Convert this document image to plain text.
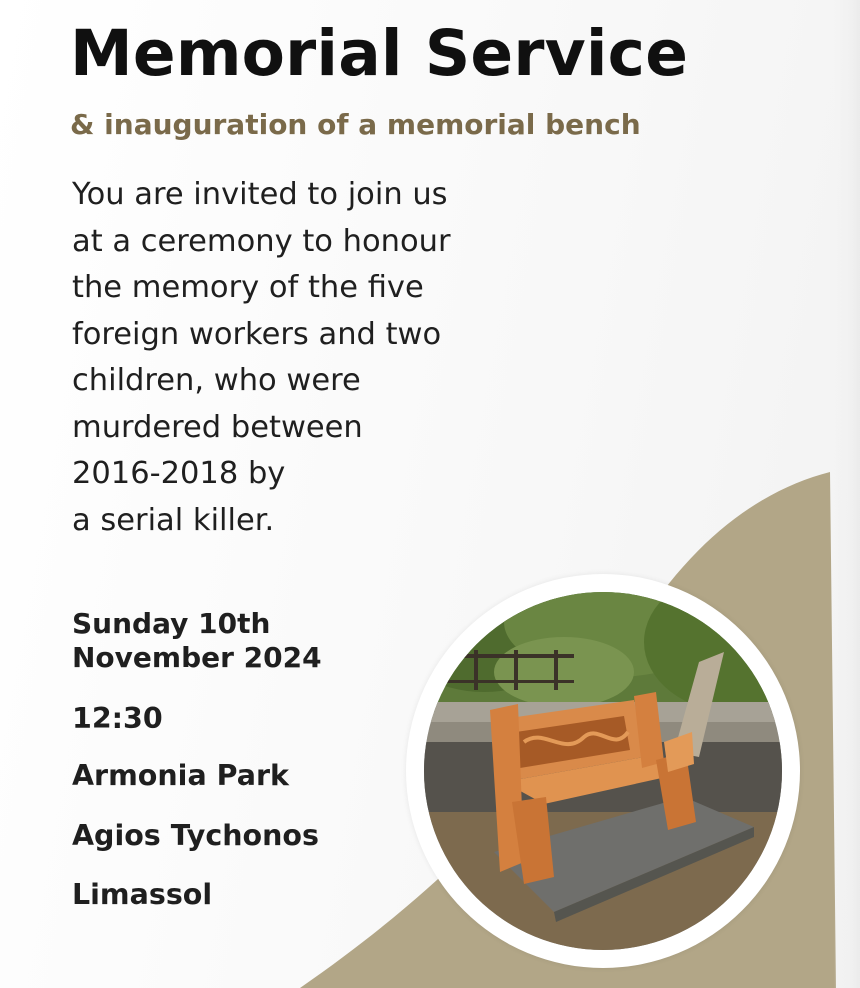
Memorial Service
& inauguration of a memorial bench

You are invited to join us
at a ceremony to honour
the memory of the five
foreign workers and two
children, who were
murdered between
2016-2018 by
a serial killer.

Sunday 10th
November 2024

12:30

Armonia Park

Agios Tychonos

Limassol
